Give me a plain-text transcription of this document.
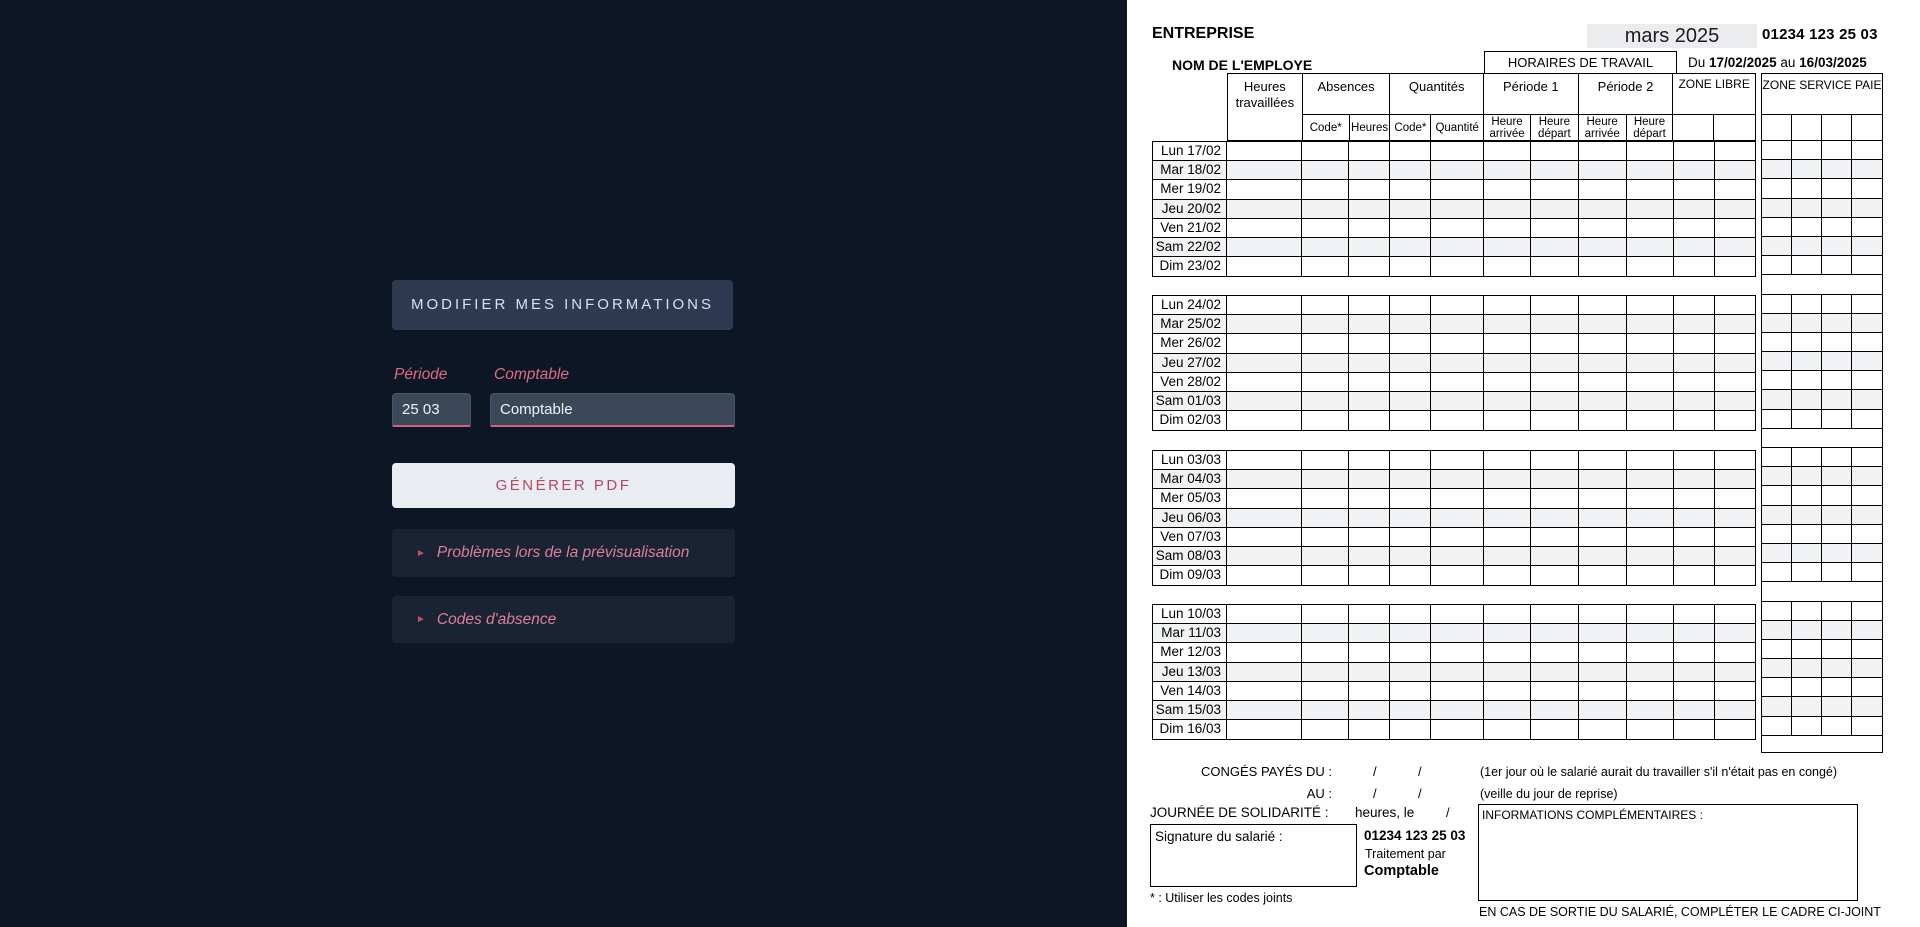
MODIFIER MES INFORMATIONS
Période	Comptable
25 03
Comptable
GÉNÉRER PDF
► Problèmes lors de la prévisualisation
► Codes d'absence
ENTREPRISE	mars 2025	01234 123 25 03
NOM DE L'EMPLOYE	HORAIRES DE TRAVAIL	Du 17/02/2025 au 16/03/2025
Heures travaillées
Absences
Code* Heures
Quantités
Code* Quantité
Période 1
Heure arrivée
Heure départ
Période 2
Heure arrivée
Heure départ
ZONE LIBRE
Lun 17/02
Mar 18/02
Mer 19/02
Jeu 20/02
Ven 21/02
Sam 22/02
Dim 23/02
Lun 24/02
Mar 25/02
Mer 26/02
Jeu 27/02
Ven 28/02
Sam 01/03
Dim 02/03
Lun 03/03
Mar 04/03
Mer 05/03
Jeu 06/03
Ven 07/03
Sam 08/03
Dim 09/03
Lun 10/03
Mar 11/03
Mer 12/03
Jeu 13/03
Ven 14/03
Sam 15/03
Dim 16/03
ZONE SERVICE PAIE
CONGÉS PAYÉS DU :	/	/	(1er jour où le salarié aurait du travailler s'il n'était pas en congé)
AU :	/	/	(veille du jour de reprise)
JOURNÉE DE SOLIDARITÉ : heures, le /	INFORMATIONS COMPLÉMENTAIRES :
Signature du salarié :	01234 123 25 03
Traitement par
Comptable
* : Utiliser les codes joints
EN CAS DE SORTIE DU SALARIÉ, COMPLÉTER LE CADRE CI-JOINT
